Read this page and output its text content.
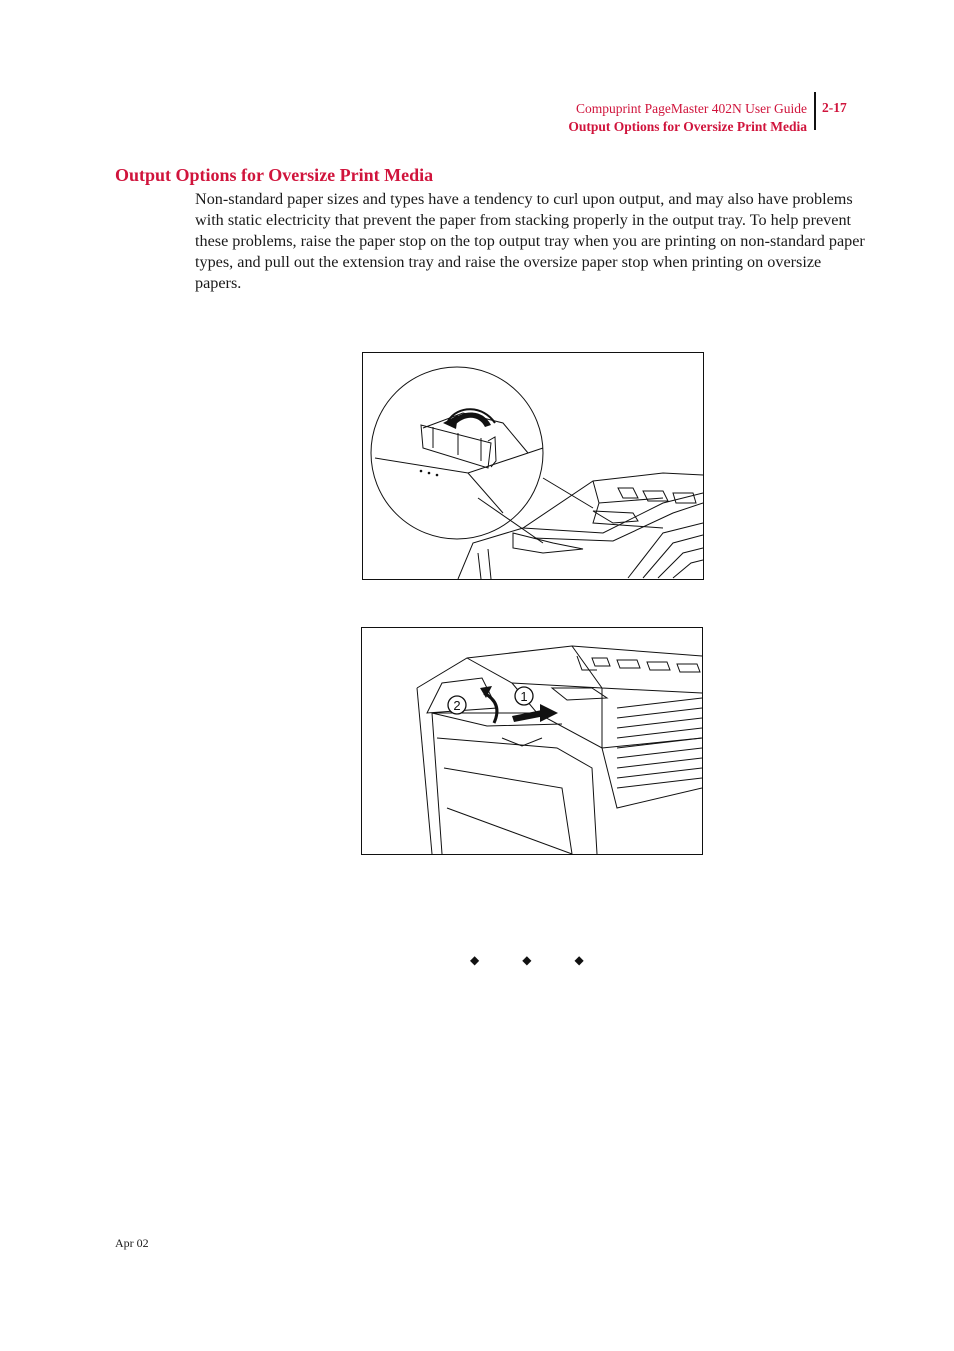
Compuprint PageMaster 402N User Guide
Output Options for Oversize Print Media
2-17
Output Options for Oversize Print Media

Non-standard paper sizes and types have a tendency to curl upon output, and may also have problems with static electricity that prevent the paper from stacking properly in the output tray. To help prevent these problems, raise the paper stop on the top output tray when you are printing on non-standard paper types, and pull out the extension tray and raise the oversize paper stop when printing on oversize papers.

2
1
◆ ◆ ◆
Apr 02
